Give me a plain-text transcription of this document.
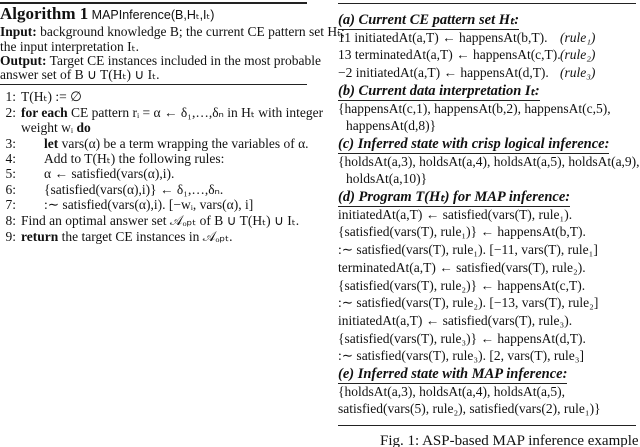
Algorithm 1 MAPInference(B,Hₜ,Iₜ)
Input: background knowledge B; the current CE pattern set Hₜ;
the input interpretation Iₜ.
Output: Target CE instances included in the most probable
answer set of B ∪ T(Hₜ) ∪ Iₜ.
1: T(Hₜ) := ∅
2: for each CE pattern rᵢ = α ← δ₁,…,δₙ in Hₜ with integer
weight wᵢ do
3: let vars(α) be a term wrapping the variables of α.
4: Add to T(Hₜ) the following rules:
5: α ← satisfied(vars(α),i).
6: {satisfied(vars(α),i)} ← δ₁,…,δₙ.
7: :∼ satisfied(vars(α),i). [−wᵢ, vars(α), i]
8: Find an optimal answer set 𝒜ₒₚₜ of B ∪ T(Hₜ) ∪ Iₜ.
9: return the target CE instances in 𝒜ₒₚₜ.
(a) Current CE pattern set Hₜ:
11 initiatedAt(a,T) ← happensAt(b,T). (rule₁)
13 terminatedAt(a,T) ← happensAt(c,T). (rule₂)
−2 initiatedAt(a,T) ← happensAt(d,T). (rule₃)
(b) Current data interpretation Iₜ:
{happensAt(c,1), happensAt(b,2), happensAt(c,5),
happensAt(d,8)}
(c) Inferred state with crisp logical inference:
{holdsAt(a,3), holdsAt(a,4), holdsAt(a,5), holdsAt(a,9),
holdsAt(a,10)}
(d) Program T(Hₜ) for MAP inference:
initiatedAt(a,T) ← satisfied(vars(T), rule₁).
{satisfied(vars(T), rule₁)} ← happensAt(b,T).
:∼ satisfied(vars(T), rule₁). [−11, vars(T), rule₁]
terminatedAt(a,T) ← satisfied(vars(T), rule₂).
{satisfied(vars(T), rule₂)} ← happensAt(c,T).
:∼ satisfied(vars(T), rule₂). [−13, vars(T), rule₂]
initiatedAt(a,T) ← satisfied(vars(T), rule₃).
{satisfied(vars(T), rule₃)} ← happensAt(d,T).
:∼ satisfied(vars(T), rule₃). [2, vars(T), rule₃]
(e) Inferred state with MAP inference:
{holdsAt(a,3), holdsAt(a,4), holdsAt(a,5),
satisfied(vars(5), rule₂), satisfied(vars(2), rule₁)}
Fig. 1: ASP-based MAP inference example
